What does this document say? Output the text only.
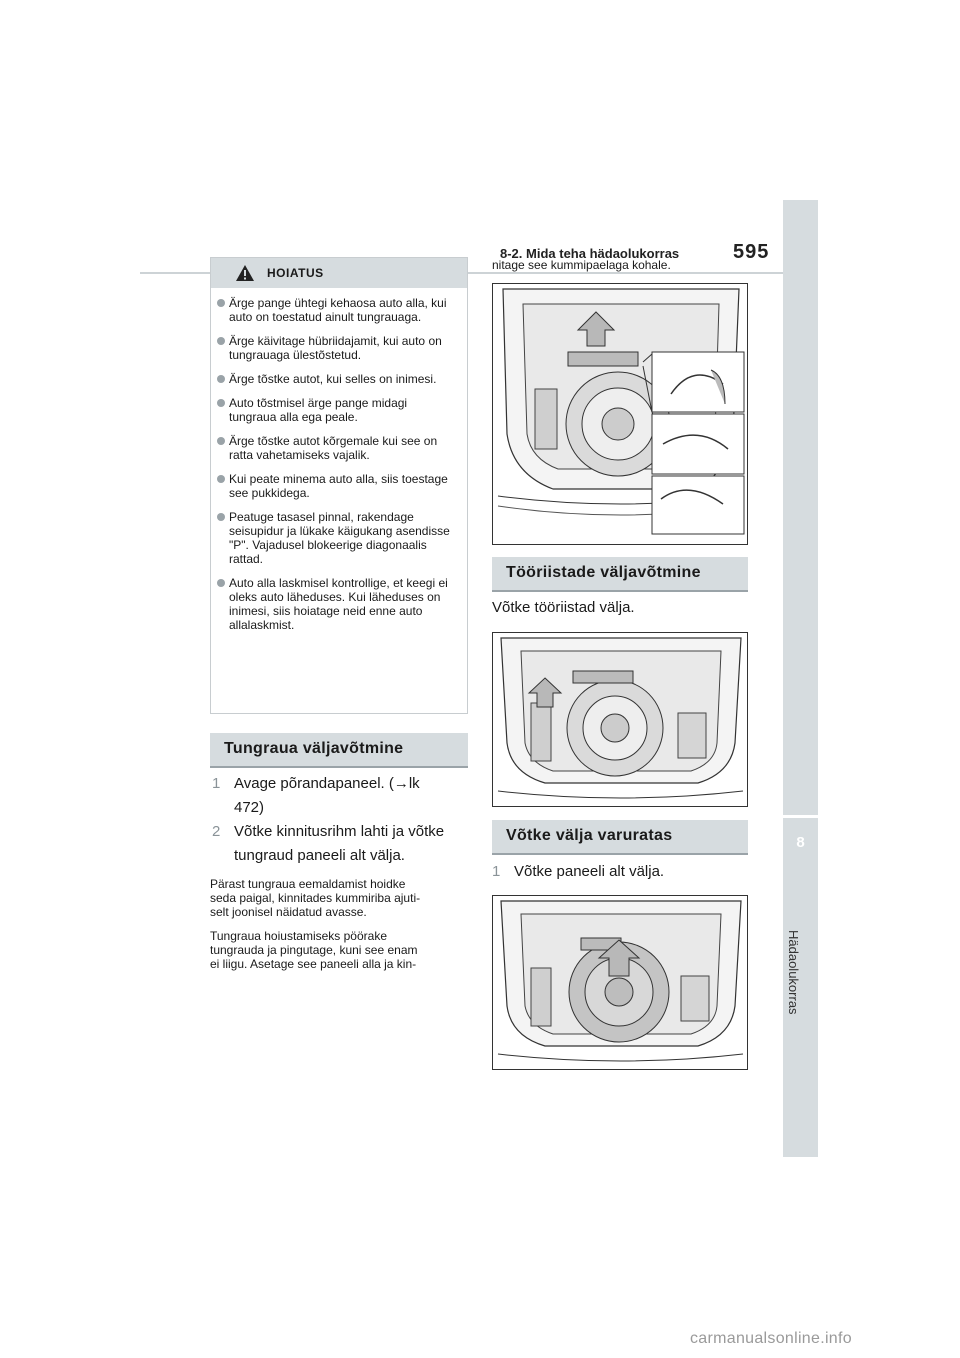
8-2. Mida teha hädaolukorras	595
8
Hädaolukorras
HOIATUS
Ärge pange ühtegi kehaosa auto alla, kui auto on toestatud ainult tungrauaga.
Ärge käivitage hübriidajamit, kui auto on tungrauaga ülestõstetud.
Ärge tõstke autot, kui selles on inimesi.
Auto tõstmisel ärge pange midagi tungraua alla ega peale.
Ärge tõstke autot kõrgemale kui see on ratta vahetamiseks vajalik.
Kui peate minema auto alla, siis toestage see pukkidega.
Peatuge tasasel pinnal, rakendage seisupidur ja lükake käigukang asendisse "P". Vajadusel blokeerige diagonaalis rattad.
Auto alla laskmisel kontrollige, et keegi ei oleks auto läheduses. Kui läheduses on inimesi, siis hoiatage neid enne auto allalaskmist.
Tungraua väljavõtmine
1 Avage põrandapaneel. (→lk
472)
2 Võtke kinnitusrihm lahti ja võtke
tungraud paneeli alt välja.
Pärast tungraua eemaldamist hoidke
seda paigal, kinnitades kummiriba ajuti-
selt joonisel näidatud avasse.
Tungraua hoiustamiseks pöörake
tungrauda ja pingutage, kuni see enam
ei liigu. Asetage see paneeli alla ja kin-
nitage see kummipaelaga kohale.
Tööriistade väljavõtmine
Võtke tööriistad välja.
Võtke välja varuratas
1 Võtke paneeli alt välja.
carmanualsonline.info
